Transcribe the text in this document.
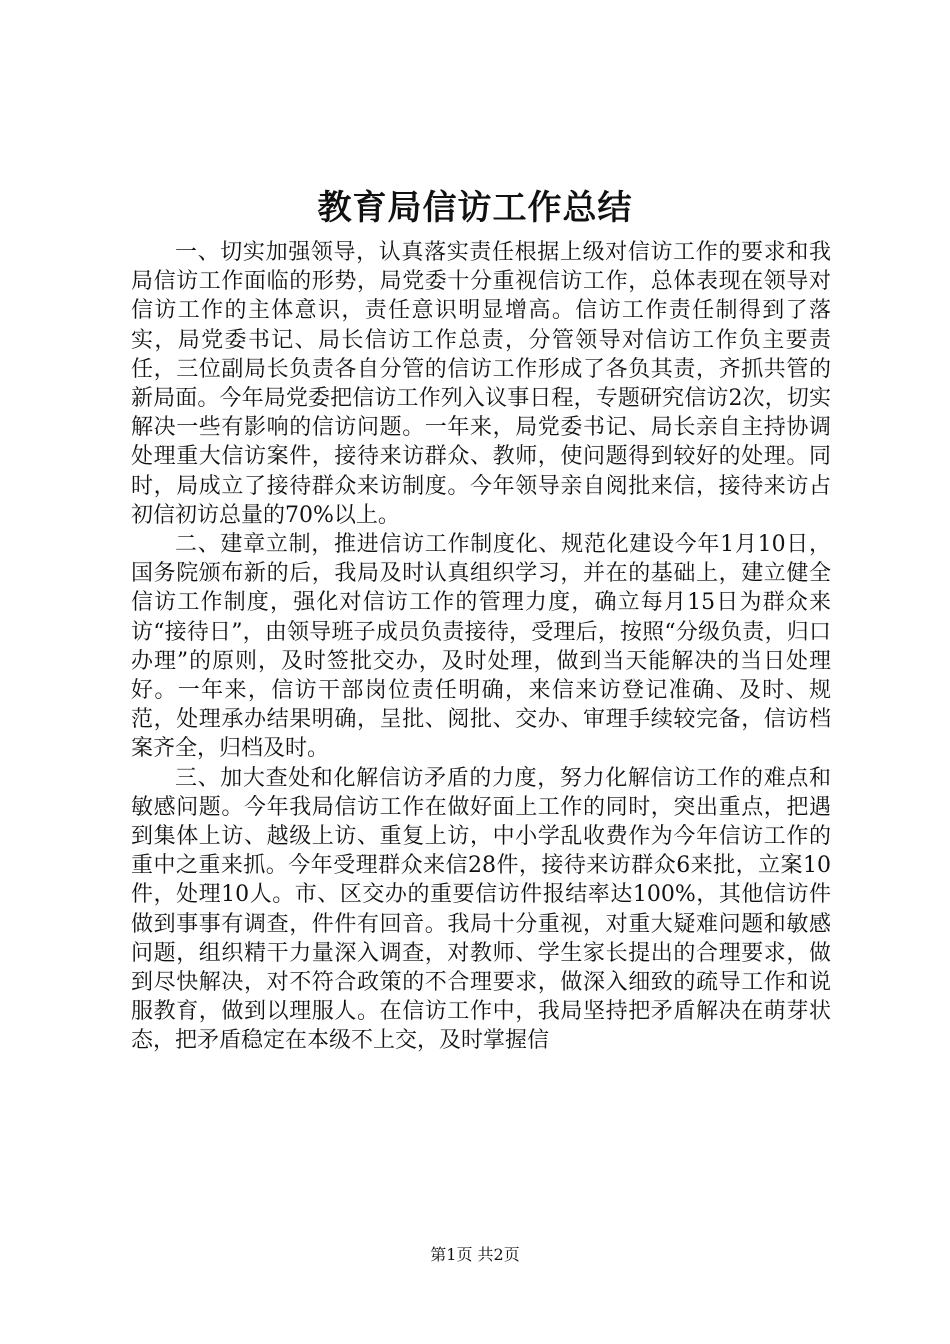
教育局信访工作总结

一、切实加强领导，认真落实责任根据上级对信访工作的要求和我局信访工作面临的形势，局党委十分重视信访工作，总体表现在领导对信访工作的主体意识，责任意识明显增高。信访工作责任制得到了落实，局党委书记、局长信访工作总责，分管领导对信访工作负主要责任，三位副局长负责各自分管的信访工作形成了各负其责，齐抓共管的新局面。今年局党委把信访工作列入议事日程，专题研究信访2次，切实解决一些有影响的信访问题。一年来，局党委书记、局长亲自主持协调处理重大信访案件，接待来访群众、教师，使问题得到较好的处理。同时，局成立了接待群众来访制度。今年领导亲自阅批来信，接待来访占初信初访总量的70%以上。

二、建章立制，推进信访工作制度化、规范化建设今年1月10日，国务院颁布新的后，我局及时认真组织学习，并在的基础上，建立健全信访工作制度，强化对信访工作的管理力度，确立每月15日为群众来访“接待日”，由领导班子成员负责接待，受理后，按照“分级负责，归口办理”的原则，及时签批交办，及时处理，做到当天能解决的当日处理好。一年来，信访干部岗位责任明确，来信来访登记准确、及时、规范，处理承办结果明确，呈批、阅批、交办、审理手续较完备，信访档案齐全，归档及时。

三、加大查处和化解信访矛盾的力度，努力化解信访工作的难点和敏感问题。今年我局信访工作在做好面上工作的同时，突出重点，把遇到集体上访、越级上访、重复上访，中小学乱收费作为今年信访工作的重中之重来抓。今年受理群众来信28件，接待来访群众6来批，立案10件，处理10人。市、区交办的重要信访件报结率达100%，其他信访件做到事事有调查，件件有回音。我局十分重视，对重大疑难问题和敏感问题，组织精干力量深入调查，对教师、学生家长提出的合理要求，做到尽快解决，对不符合政策的不合理要求，做深入细致的疏导工作和说服教育，做到以理服人。在信访工作中，我局坚持把矛盾解决在萌芽状态，把矛盾稳定在本级不上交，及时掌握信

第1页 共2页
